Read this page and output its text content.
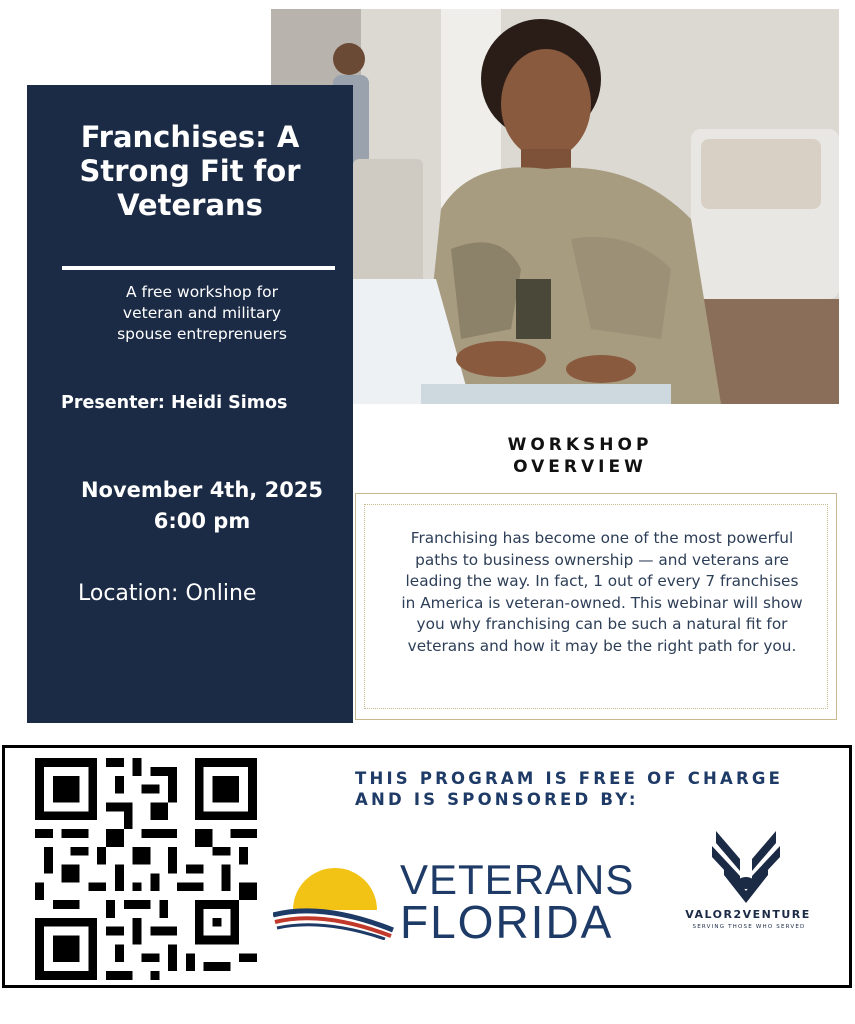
Franchises: A
Strong Fit for
Veterans
A free workshop for
veteran and military
spouse entreprenuers
Presenter: Heidi Simos
November 4th, 2025
6:00 pm
Location: Online
WORKSHOP
OVERVIEW
Franchising has become one of the most powerful
paths to business ownership — and veterans are
leading the way. In fact, 1 out of every 7 franchises
in America is veteran-owned. This webinar will show
you why franchising can be such a natural fit for
veterans and how it may be the right path for you.
THIS PROGRAM IS FREE OF CHARGE
AND IS SPONSORED BY:
VETERANS
FLORIDA	VALOR2VENTURE
SERVING THOSE WHO SERVED
